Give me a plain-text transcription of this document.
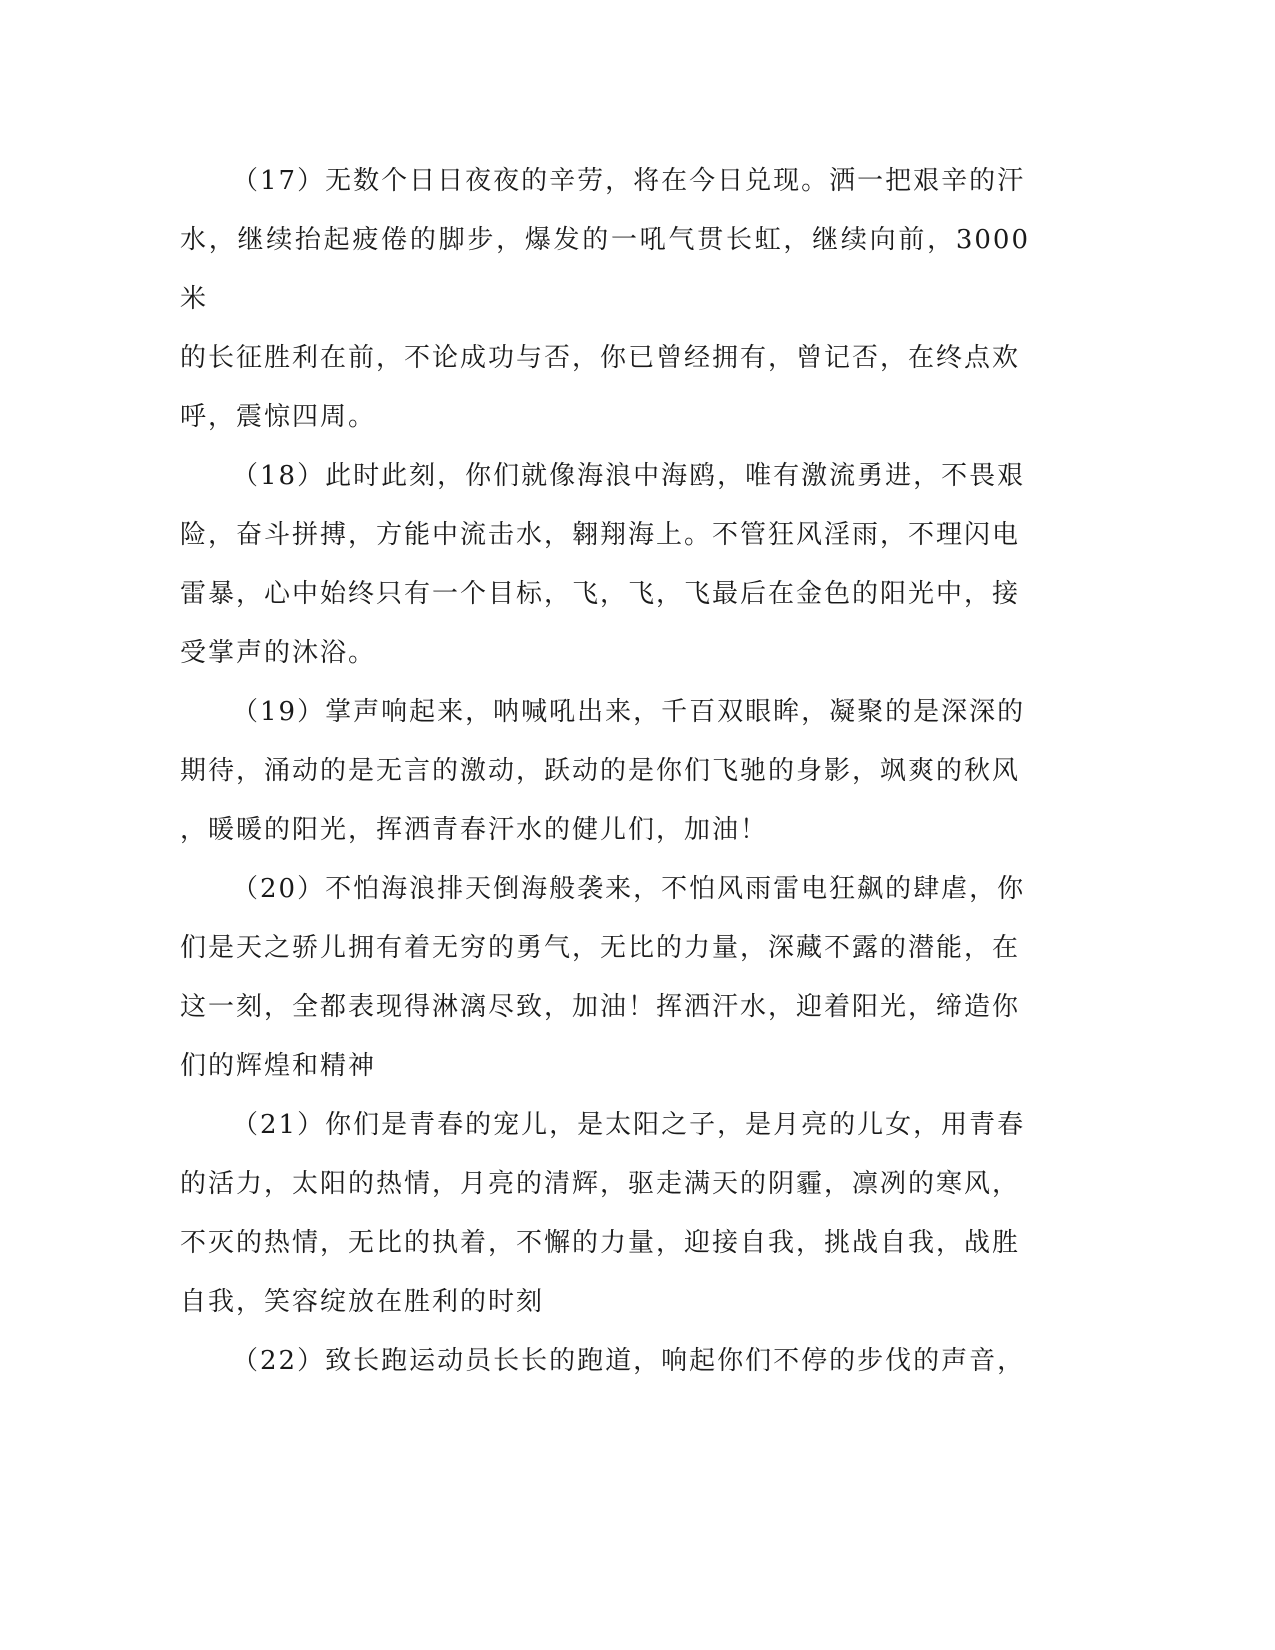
（17）无数个日日夜夜的辛劳，将在今日兑现。洒一把艰辛的汗
水，继续抬起疲倦的脚步，爆发的一吼气贯长虹，继续向前，3000 米
的长征胜利在前，不论成功与否，你已曾经拥有，曾记否，在终点欢
呼，震惊四周。

（18）此时此刻，你们就像海浪中海鸥，唯有激流勇进，不畏艰
险，奋斗拼搏，方能中流击水，翱翔海上。不管狂风淫雨，不理闪电
雷暴，心中始终只有一个目标，飞，飞，飞最后在金色的阳光中，接
受掌声的沐浴。

（19）掌声响起来，呐喊吼出来，千百双眼眸，凝聚的是深深的
期待，涌动的是无言的激动，跃动的是你们飞驰的身影，飒爽的秋风
，暖暖的阳光，挥洒青春汗水的健儿们，加油！

（20）不怕海浪排天倒海般袭来，不怕风雨雷电狂飙的肆虐，你
们是天之骄儿拥有着无穷的勇气，无比的力量，深藏不露的潜能，在
这一刻，全都表现得淋漓尽致，加油！挥洒汗水，迎着阳光，缔造你
们的辉煌和精神

（21）你们是青春的宠儿，是太阳之子，是月亮的儿女，用青春
的活力，太阳的热情，月亮的清辉，驱走满天的阴霾，凛冽的寒风，
不灭的热情，无比的执着，不懈的力量，迎接自我，挑战自我，战胜
自我，笑容绽放在胜利的时刻

（22）致长跑运动员长长的跑道，响起你们不停的步伐的声音，
